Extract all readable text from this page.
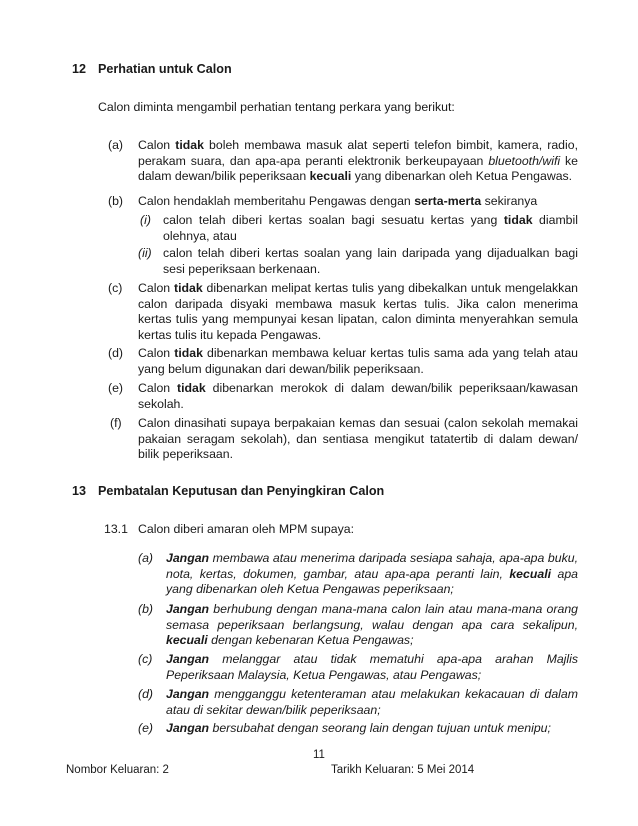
12 Perhatian untuk Calon
Calon diminta mengambil perhatian tentang perkara yang berikut:
(a) Calon tidak boleh membawa masuk alat seperti telefon bimbit, kamera, radio, perakam suara, dan apa-apa peranti elektronik berkeupayaan bluetooth/wifi ke dalam dewan/bilik peperiksaan kecuali yang dibenarkan oleh Ketua Pengawas.
(b) Calon hendaklah memberitahu Pengawas dengan serta-merta sekiranya
(i) calon telah diberi kertas soalan bagi sesuatu kertas yang tidak diambil olehnya, atau
(ii) calon telah diberi kertas soalan yang lain daripada yang dijadualkan bagi sesi peperiksaan berkenaan.
(c) Calon tidak dibenarkan melipat kertas tulis yang dibekalkan untuk mengelakkan calon daripada disyaki membawa masuk kertas tulis. Jika calon menerima kertas tulis yang mempunyai kesan lipatan, calon diminta menyerahkan semula kertas tulis itu kepada Pengawas.
(d) Calon tidak dibenarkan membawa keluar kertas tulis sama ada yang telah atau yang belum digunakan dari dewan/bilik peperiksaan.
(e) Calon tidak dibenarkan merokok di dalam dewan/bilik peperiksaan/kawasan sekolah.
(f) Calon dinasihati supaya berpakaian kemas dan sesuai (calon sekolah memakai pakaian seragam sekolah), dan sentiasa mengikut tatatertib di dalam dewan/ bilik peperiksaan.
13 Pembatalan Keputusan dan Penyingkiran Calon
13.1 Calon diberi amaran oleh MPM supaya:
(a) Jangan membawa atau menerima daripada sesiapa sahaja, apa-apa buku, nota, kertas, dokumen, gambar, atau apa-apa peranti lain, kecuali apa yang dibenarkan oleh Ketua Pengawas peperiksaan;
(b) Jangan berhubung dengan mana-mana calon lain atau mana-mana orang semasa peperiksaan berlangsung, walau dengan apa cara sekalipun, kecuali dengan kebenaran Ketua Pengawas;
(c) Jangan melanggar atau tidak mematuhi apa-apa arahan Majlis Peperiksaan Malaysia, Ketua Pengawas, atau Pengawas;
(d) Jangan mengganggu ketenteraman atau melakukan kekacauan di dalam atau di sekitar dewan/bilik peperiksaan;
(e) Jangan bersubahat dengan seorang lain dengan tujuan untuk menipu;
11
Nombor Keluaran: 2	Tarikh Keluaran: 5 Mei 2014
